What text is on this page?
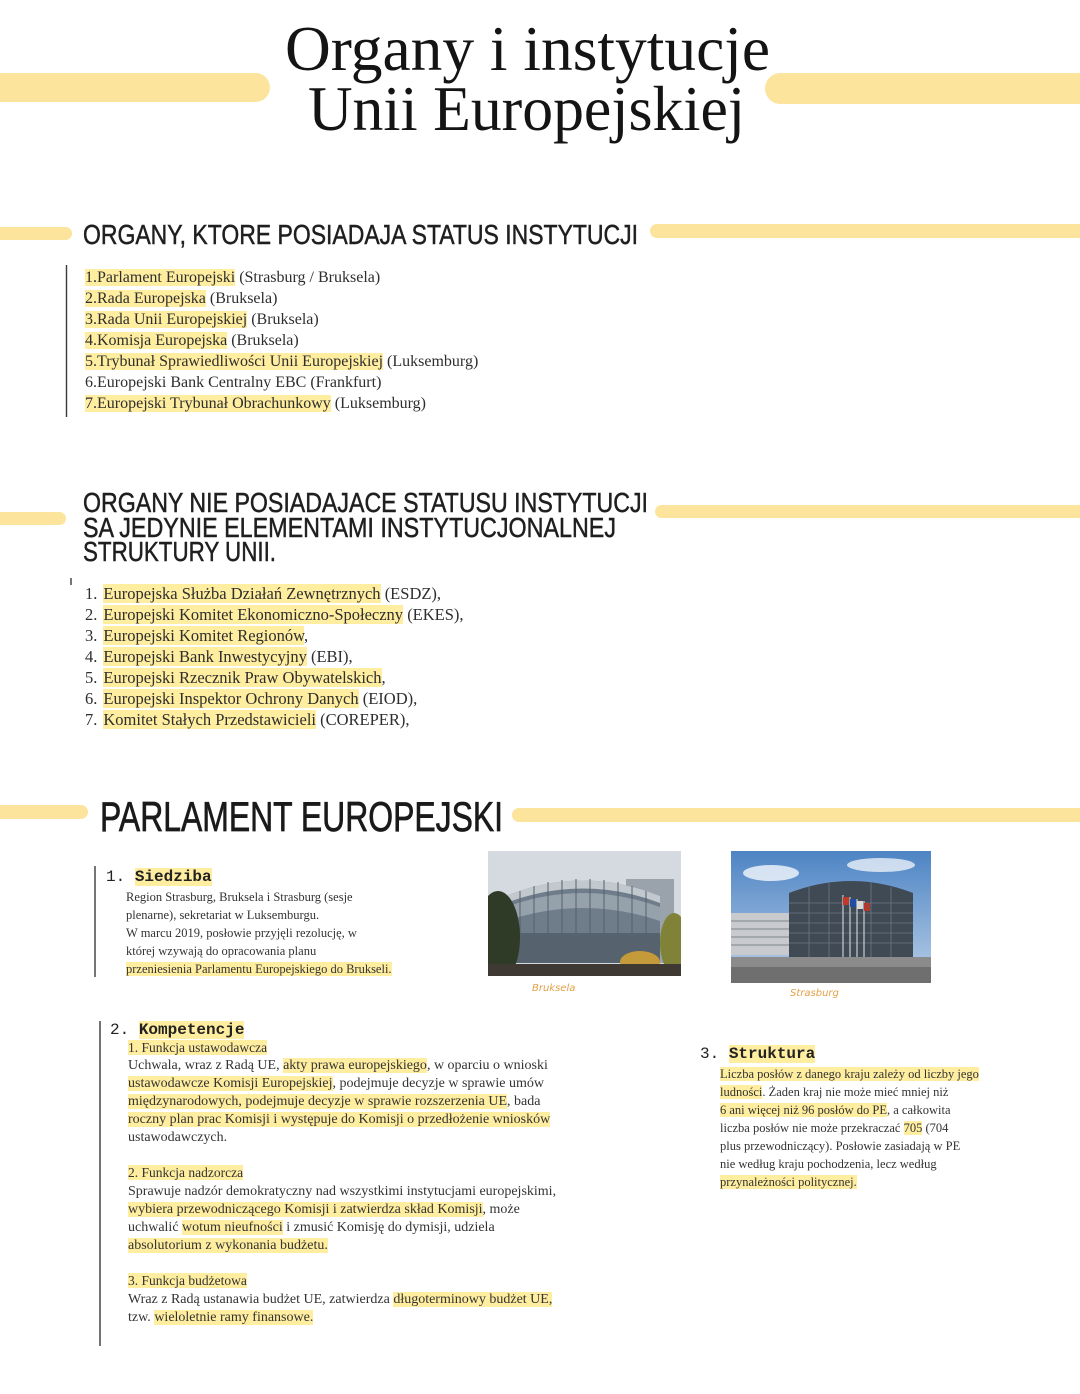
Organy i instytucje
Unii Europejskiej
ORGANY, KTORE POSIADAJA STATUS INSTYTUCJI
ORGANY NIE POSIADAJACE STATUSU INSTYTUCJI
SA JEDYNIE ELEMENTAMI INSTYTUCJONALNEJ
STRUKTURY UNII.
PARLAMENT EUROPEJSKI
1.Parlament Europejski (Strasburg / Bruksela)
2.Rada Europejska (Bruksela)
3.Rada Unii Europejskiej (Bruksela)
4.Komisja Europejska (Bruksela)
5.Trybunał Sprawiedliwości Unii Europejskiej (Luksemburg)
6.Europejski Bank Centralny EBC (Frankfurt)
7.Europejski Trybunał Obrachunkowy (Luksemburg)
1. Europejska Służba Działań Zewnętrznych (ESDZ),
2. Europejski Komitet Ekonomiczno-Społeczny (EKES),
3. Europejski Komitet Regionów,
4. Europejski Bank Inwestycyjny (EBI),
5. Europejski Rzecznik Praw Obywatelskich,
6. Europejski Inspektor Ochrony Danych (EIOD),
7. Komitet Stałych Przedstawicieli (COREPER),
1. Siedziba
Region Strasburg, Bruksela i Strasburg (sesje
plenarne), sekretariat w Luksemburgu.
W marcu 2019, posłowie przyjęli rezolucję, w
której wzywają do opracowania planu
przeniesienia Parlamentu Europejskiego do Brukseli.
Bruksela	Strasburg
2. Kompetencje
1. Funkcja ustawodawcza
Uchwala, wraz z Radą UE, akty prawa europejskiego, w oparciu o wnioski
ustawodawcze Komisji Europejskiej, podejmuje decyzje w sprawie umów
międzynarodowych, podejmuje decyzje w sprawie rozszerzenia UE, bada
roczny plan prac Komisji i występuje do Komisji o przedłożenie wniosków
ustawodawczych.
2. Funkcja nadzorcza
Sprawuje nadzór demokratyczny nad wszystkimi instytucjami europejskimi,
wybiera przewodniczącego Komisji i zatwierdza skład Komisji, może
uchwalić wotum nieufności i zmusić Komisję do dymisji, udziela
absolutorium z wykonania budżetu.
3. Funkcja budżetowa
Wraz z Radą ustanawia budżet UE, zatwierdza długoterminowy budżet UE,
tzw. wieloletnie ramy finansowe.
3. Struktura
Liczba posłów z danego kraju zależy od liczby jego
ludności. Żaden kraj nie może mieć mniej niż
6 ani więcej niż 96 posłów do PE, a całkowita
liczba posłów nie może przekraczać 705 (704
plus przewodniczący). Posłowie zasiadają w PE
nie według kraju pochodzenia, lecz według
przynależności politycznej.
